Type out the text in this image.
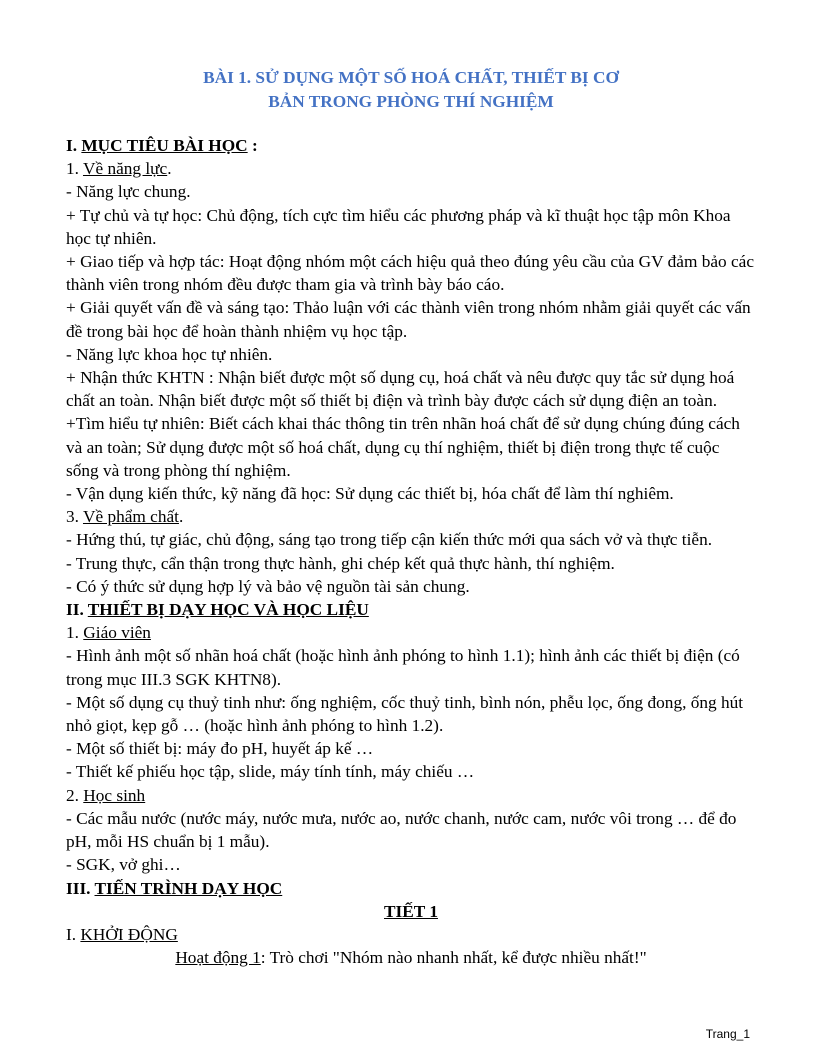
BÀI 1. SỬ DỤNG MỘT SỐ HOÁ CHẤT, THIẾT BỊ CƠ
BẢN TRONG PHÒNG THÍ NGHIỆM
I. MỤC TIÊU BÀI HỌC :
1. Về năng lực.
- Năng lực chung.
+ Tự chủ và tự học: Chủ động, tích cực tìm hiểu các phương pháp và kĩ thuật học tập môn Khoa học tự nhiên.
+ Giao tiếp và hợp tác: Hoạt động nhóm một cách hiệu quả theo đúng yêu cầu của GV đảm bảo các thành viên trong nhóm đều được tham gia và trình bày báo cáo.
+ Giải quyết vấn đề và sáng tạo: Thảo luận với các thành viên trong nhóm nhằm giải quyết các vấn đề trong bài học để hoàn thành nhiệm vụ học tập.
- Năng lực khoa học tự nhiên.
+ Nhận thức KHTN : Nhận biết được một số dụng cụ, hoá chất và nêu được quy tắc sử dụng hoá chất an toàn. Nhận biết được một số thiết bị điện và trình bày được cách sử dụng điện an toàn.
+Tìm hiểu tự nhiên: Biết cách khai thác thông tin trên nhãn hoá chất để sử dụng chúng đúng cách và an toàn; Sử dụng được một số hoá chất, dụng cụ thí nghiệm, thiết bị điện trong thực tế cuộc sống và trong phòng thí nghiệm.
- Vận dụng kiến thức, kỹ năng đã học: Sử dụng các thiết bị, hóa chất để làm thí nghiêm.
3. Về phẩm chất.
- Hứng thú, tự giác, chủ động, sáng tạo trong tiếp cận kiến thức mới qua sách vở và thực tiễn.
- Trung thực, cẩn thận trong thực hành, ghi chép kết quả thực hành, thí nghiệm.
- Có ý thức sử dụng hợp lý và bảo vệ nguồn tài sản chung.
II. THIẾT BỊ DẠY HỌC VÀ HỌC LIỆU
1. Giáo viên
- Hình ảnh một số nhãn hoá chất (hoặc hình ảnh phóng to hình 1.1); hình ảnh các thiết bị điện (có trong mục III.3 SGK KHTN8).
- Một số dụng cụ thuỷ tinh như: ống nghiệm, cốc thuỷ tinh, bình nón, phễu lọc, ống đong, ống hút nhỏ giọt, kẹp gỗ … (hoặc hình ảnh phóng to hình 1.2).
- Một số thiết bị: máy đo pH, huyết áp kế …
- Thiết kế phiếu học tập, slide, máy tính tính, máy chiếu …
2. Học sinh
- Các mẫu nước (nước máy, nước mưa, nước ao, nước chanh, nước cam, nước vôi trong … để đo pH, mỗi HS chuẩn bị 1 mẫu).
- SGK, vở ghi…
III. TIẾN TRÌNH DẠY HỌC
TIẾT 1
I. KHỞI ĐỘNG
Hoạt động 1: Trò chơi "Nhóm nào nhanh nhất, kể được nhiều nhất!"
Trang_1
